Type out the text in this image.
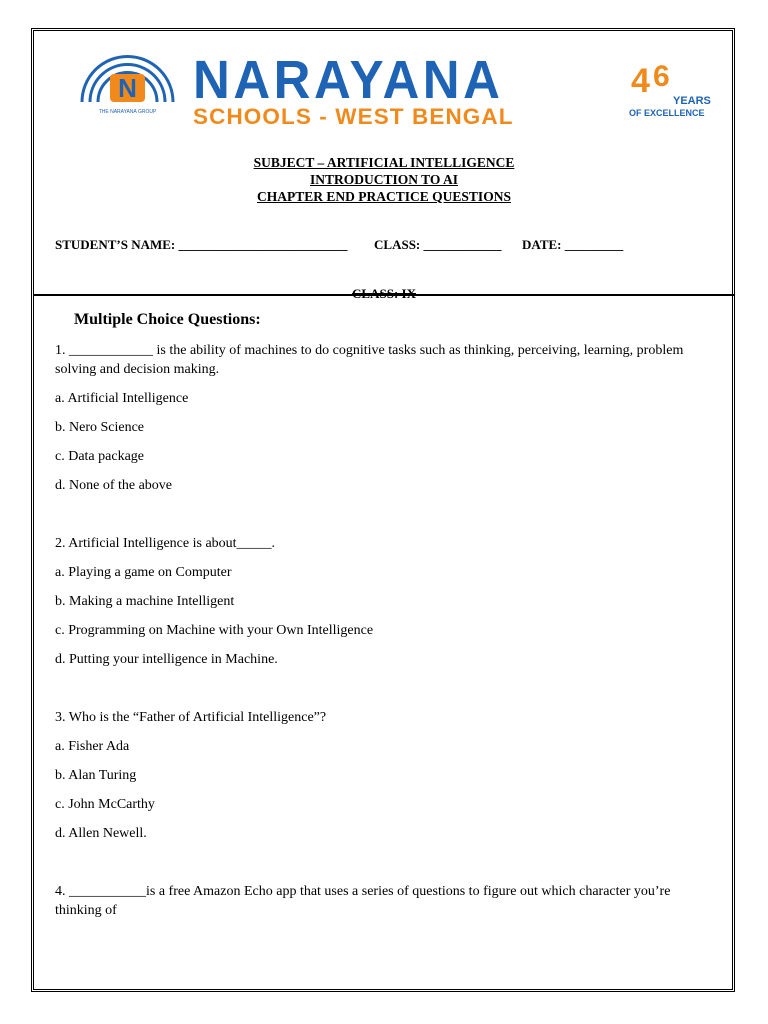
N
THE NARAYANA GROUP
NARAYANA
SCHOOLS - WEST BENGAL
4 6
YEARS
OF EXCELLENCE
SUBJECT – ARTIFICIAL INTELLIGENCE
INTRODUCTION TO AI
CHAPTER END PRACTICE QUESTIONS
STUDENT’S NAME: __________________________ CLASS: ____________ DATE: _________
Multiple Choice Questions:
1. ____________ is the ability of machines to do cognitive tasks such as thinking, perceiving, learning, problem solving and decision making.
a. Artificial Intelligence
b. Nero Science
c. Data package
d. None of the above
2. Artificial Intelligence is about_____.
a. Playing a game on Computer
b. Making a machine Intelligent
c. Programming on Machine with your Own Intelligence
d. Putting your intelligence in Machine.
3. Who is the “Father of Artificial Intelligence”?
a. Fisher Ada
b. Alan Turing
c. John McCarthy
d. Allen Newell.
4. ___________is a free Amazon Echo app that uses a series of questions to figure out which character you’re thinking of
